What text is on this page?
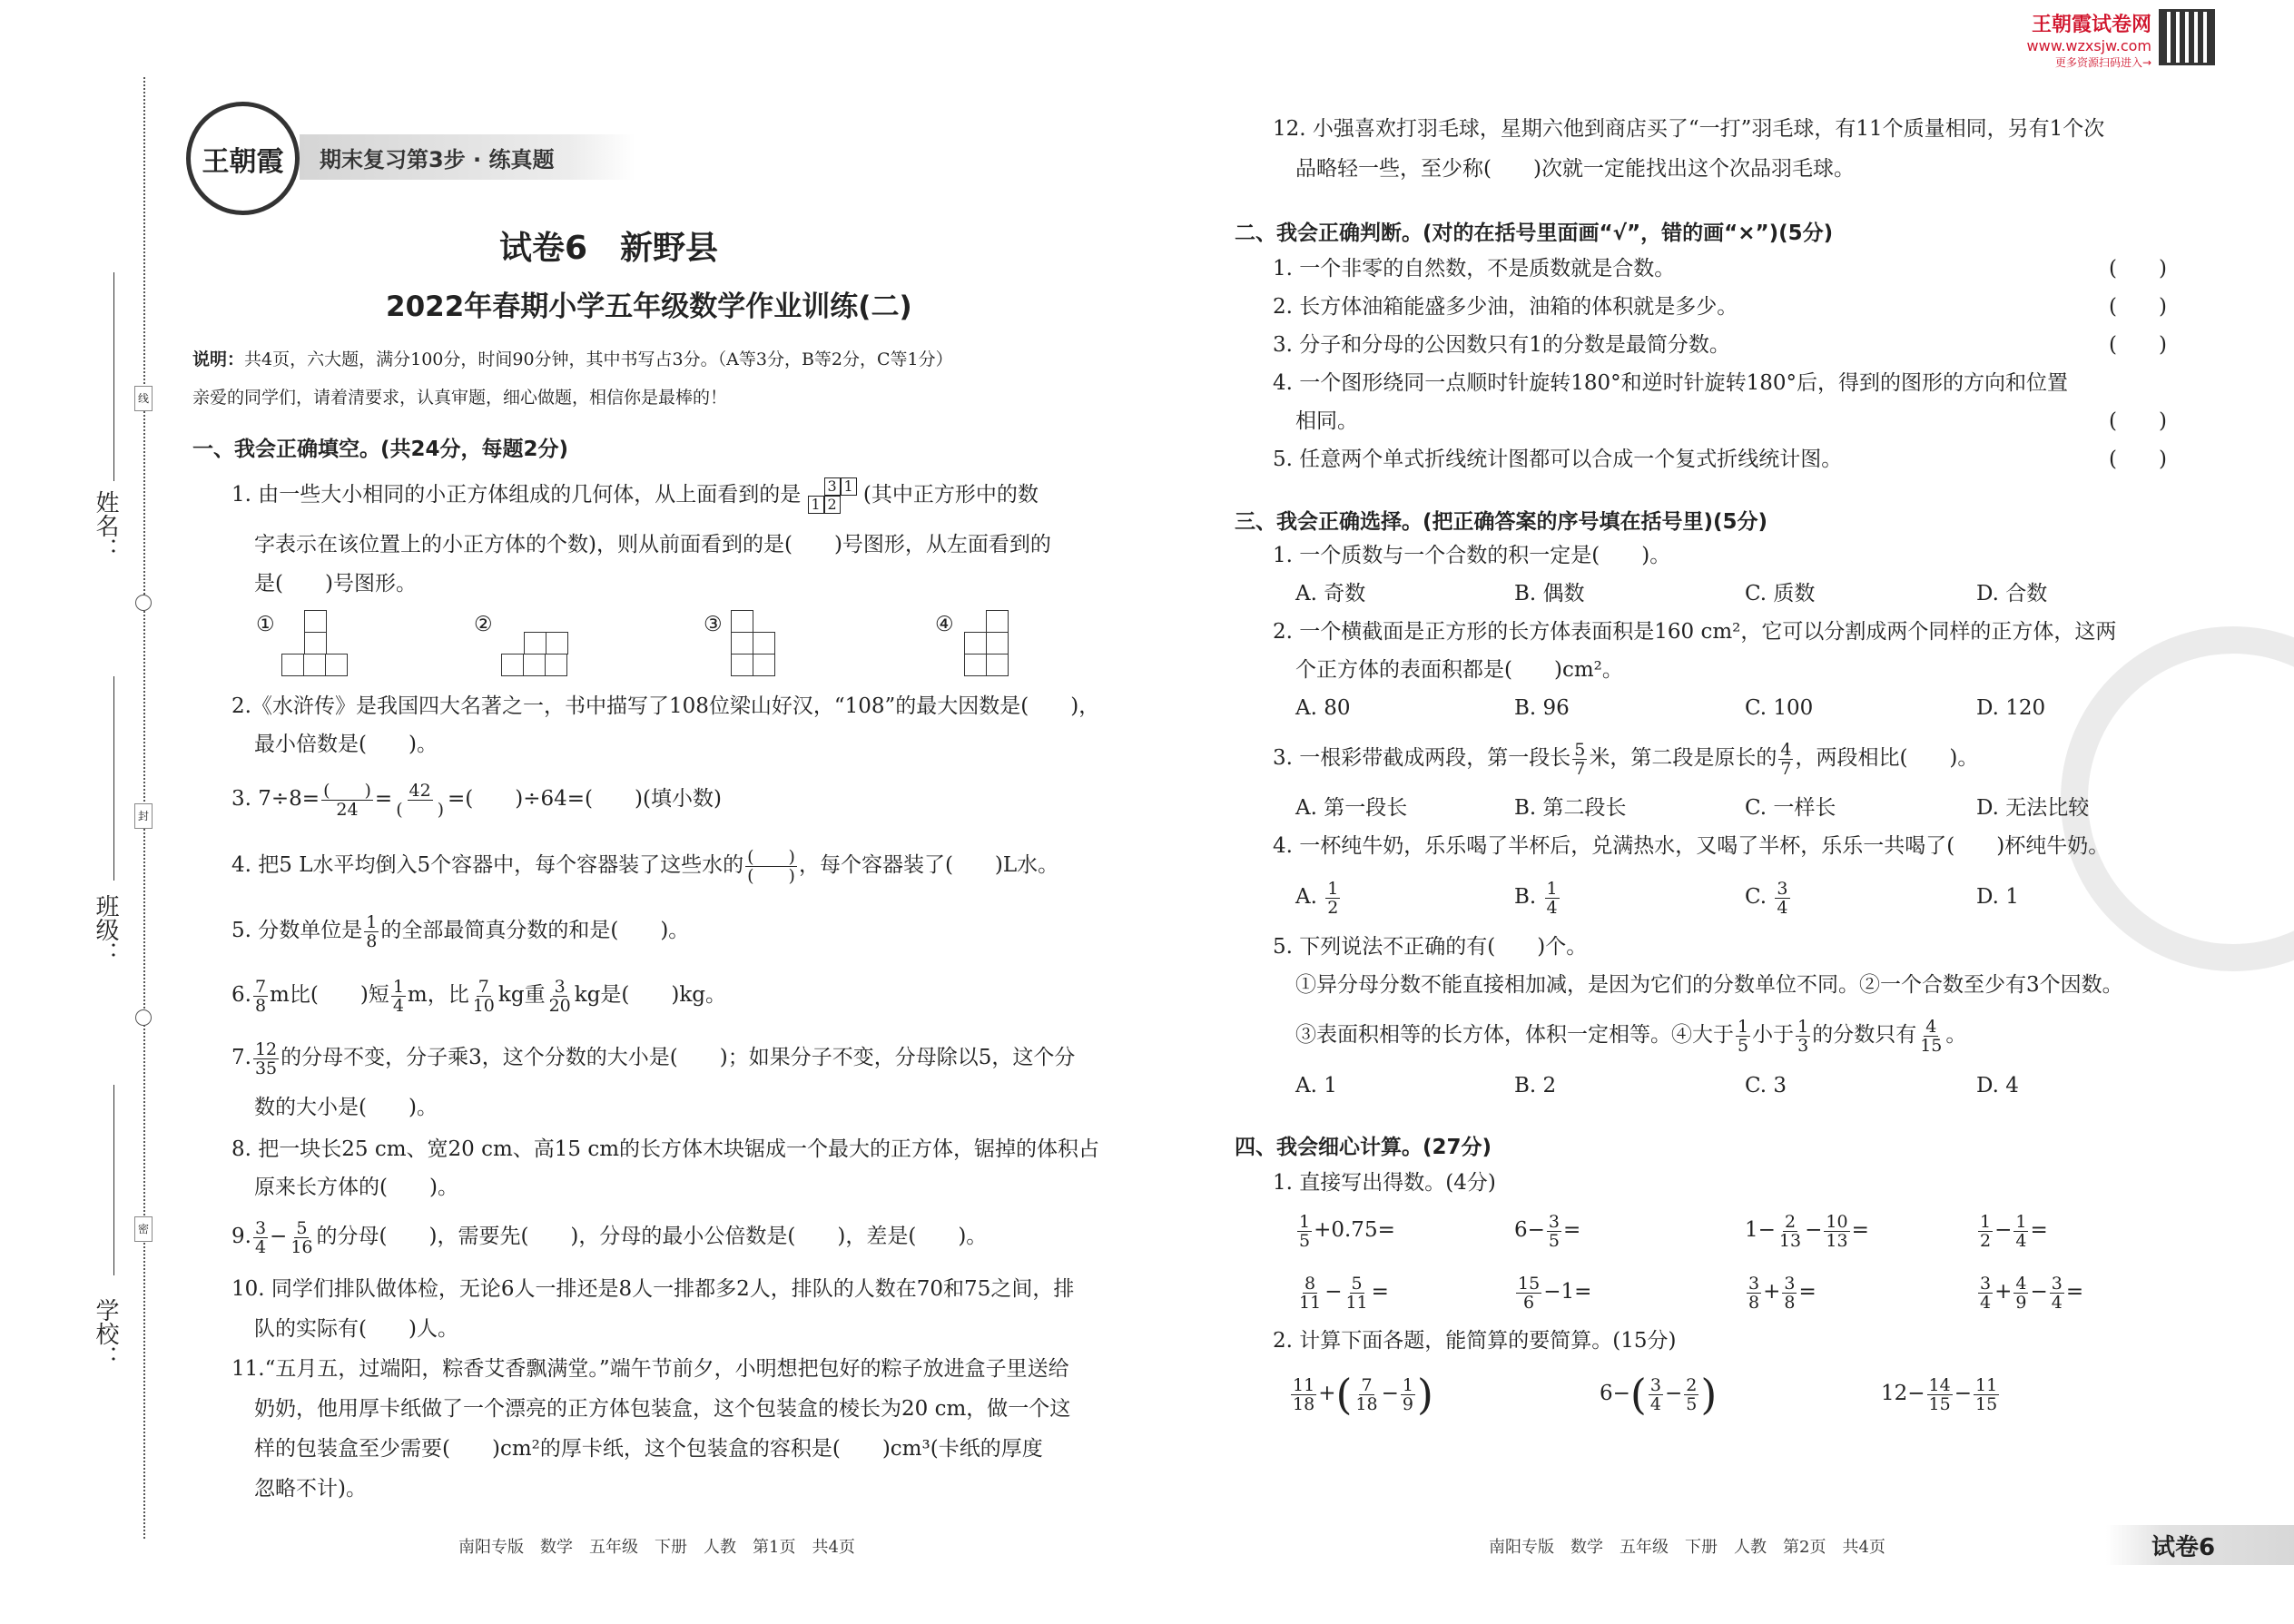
线
封
密
姓名：
班级：
学校：
王朝霞 期末复习第3步 · 练真题
试卷6　新野县
2022年春期小学五年级数学作业训练(二)
说明：共4页，六大题，满分100分，时间90分钟，其中书写占3分。（A等3分，B等2分，C等1分）
亲爱的同学们，请着清要求，认真审题，细心做题，相信你是最棒的！
一、我会正确填空。(共24分，每题2分)
1. 由一些大小相同的小正方体组成的几何体，从上面看到的是 3 1
1 2 (其中正方形中的数
字表示在该位置上的小正方体的个数)，则从前面看到的是(　　)号图形，从左面看到的
是(　　)号图形。
①	②	③	④
2.《水浒传》是我国四大名著之一，书中描写了108位梁山好汉，“108”的最大因数是(　　)，
最小倍数是(　　)。
3. $7\div 8= \frac{( )}{24} = \frac{42}{( )}$ =(　　)÷64=(　　)(填小数)
4. 把5 L水平均倒入5个容器中，每个容器装了这些水的 $\frac{( )}{( )}$ ，每个容器装了(　　)L水。
5. 分数单位是 $\frac{1}{8}$ 的全部最简真分数的和是(　　)。
6. $\frac{7}{8}$ m比(　　)短 $\frac{1}{4}$ m，比 $\frac{7}{10}$ kg重 $\frac{3}{20}$ kg是(　　)kg。
7. $\frac{12}{35}$ 的分母不变，分子乘3，这个分数的大小是(　　)；如果分子不变，分母除以5，这个分
数的大小是(　　)。
8. 把一块长25 cm、宽20 cm、高15 cm的长方体木块锯成一个最大的正方体，锯掉的体积占
原来长方体的(　　)。
9. $\frac{3}{4} - \frac{5}{16}$ 的分母(　　)，需要先(　　)，分母的最小公倍数是(　　)，差是(　　)。
10. 同学们排队做体检，无论6人一排还是8人一排都多2人，排队的人数在70和75之间，排
队的实际有(　　)人。
11.“五月五，过端阳，粽香艾香飘满堂。”端午节前夕，小明想把包好的粽子放进盒子里送给
奶奶，他用厚卡纸做了一个漂亮的正方体包装盒，这个包装盒的棱长为20 cm，做一个这
样的包装盒至少需要(　　)cm²的厚卡纸，这个包装盒的容积是(　　)cm³(卡纸的厚度
忽略不计)。
南阳专版　数学　五年级　下册　人教　第1页　共4页
王朝霞试卷网
www.wzxsjw.com
更多资源扫码进入→
12. 小强喜欢打羽毛球，星期六他到商店买了“一打”羽毛球，有11个质量相同，另有1个次
品略轻一些，至少称(　　)次就一定能找出这个次品羽毛球。
二、我会正确判断。(对的在括号里面画“√”，错的画“×”)(5分)
1. 一个非零的自然数，不是质数就是合数。	(　　)
2. 长方体油箱能盛多少油，油箱的体积就是多少。	(　　)
3. 分子和分母的公因数只有1的分数是最简分数。	(　　)
4. 一个图形绕同一点顺时针旋转180°和逆时针旋转180°后，得到的图形的方向和位置
相同。	(　　)
5. 任意两个单式折线统计图都可以合成一个复式折线统计图。	(　　)
三、我会正确选择。(把正确答案的序号填在括号里)(5分)
1. 一个质数与一个合数的积一定是(　　)。
A. 奇数	B. 偶数	C. 质数	D. 合数
2. 一个横截面是正方形的长方体表面积是160 cm²，它可以分割成两个同样的正方体，这两
个正方体的表面积都是(　　)cm²。
A. 80	B. 96	C. 100	D. 120
3. 一根彩带截成两段，第一段长 $\frac{5}{7}$ 米，第二段是原长的 $\frac{4}{7}$ ，两段相比(　　)。
A. 第一段长	B. 第二段长	C. 一样长	D. 无法比较
4. 一杯纯牛奶，乐乐喝了半杯后，兑满热水，又喝了半杯，乐乐一共喝了(　　)杯纯牛奶。
A. $\frac{1}{2}$	B. $\frac{1}{4}$	C. $\frac{3}{4}$	D. 1
5. 下列说法不正确的有(　　)个。
①异分母分数不能直接相加减，是因为它们的分数单位不同。②一个合数至少有3个因数。
③表面积相等的长方体，体积一定相等。④大于 $\frac{1}{5}$ 小于 $\frac{1}{3}$ 的分数只有 $\frac{4}{15}$ 。
A. 1	B. 2	C. 3	D. 4
四、我会细心计算。(27分)
1. 直接写出得数。(4分)
$\frac{1}{5} +0.75=$	$6- \frac{3}{5}$ =	$1- \frac{2}{13} - \frac{10}{13}$ =	$\frac{1}{2} - \frac{1}{4}$ =
$\frac{8}{11} - \frac{5}{11}$ =	$\frac{15}{6} -1=$	$\frac{3}{8} + \frac{3}{8}$ =	$\frac{3}{4} + \frac{4}{9} - \frac{3}{4}$ =
2. 计算下面各题，能简算的要简算。(15分)
$\frac{11}{18}$ +( $\frac{7}{18} - \frac{1}{9}$ )	$6-( \frac{3}{4} - \frac{2}{5}$ )	$12- \frac{14}{15} - \frac{11}{15}$
南阳专版　数学　五年级　下册　人教　第2页　共4页	试卷6
